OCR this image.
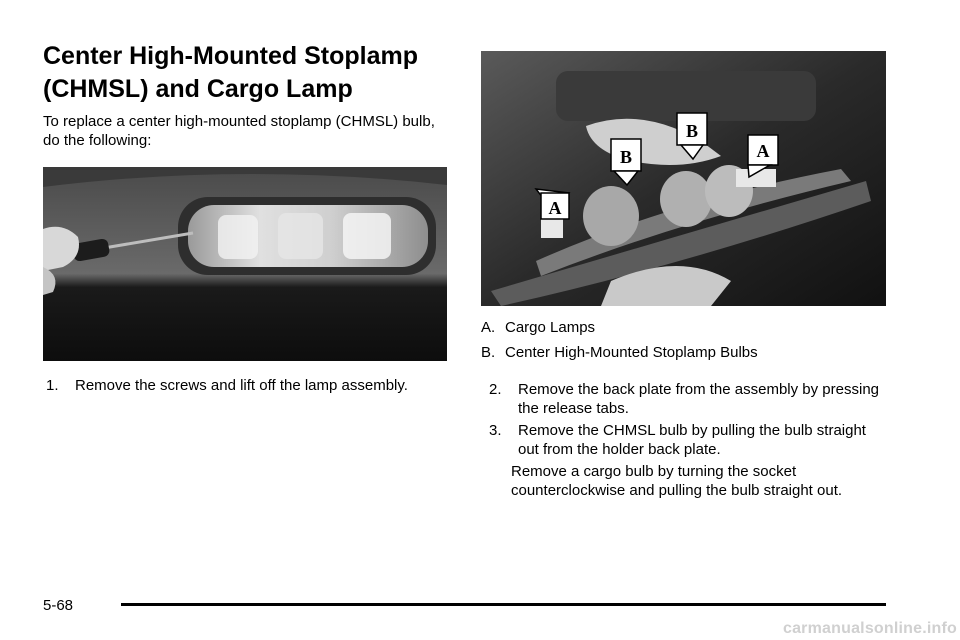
Center High-Mounted Stoplamp
(CHMSL) and Cargo Lamp
To replace a center high-mounted stoplamp (CHMSL) bulb, do the following:
1. Remove the screws and lift off the lamp assembly.
A
B
B
A
A. Cargo Lamps
B. Center High-Mounted Stoplamp Bulbs
2. Remove the back plate from the assembly by pressing the release tabs.
3. Remove the CHMSL bulb by pulling the bulb straight out from the holder back plate.
Remove a cargo bulb by turning the socket counterclockwise and pulling the bulb straight out.
5-68
carmanualsonline.info
